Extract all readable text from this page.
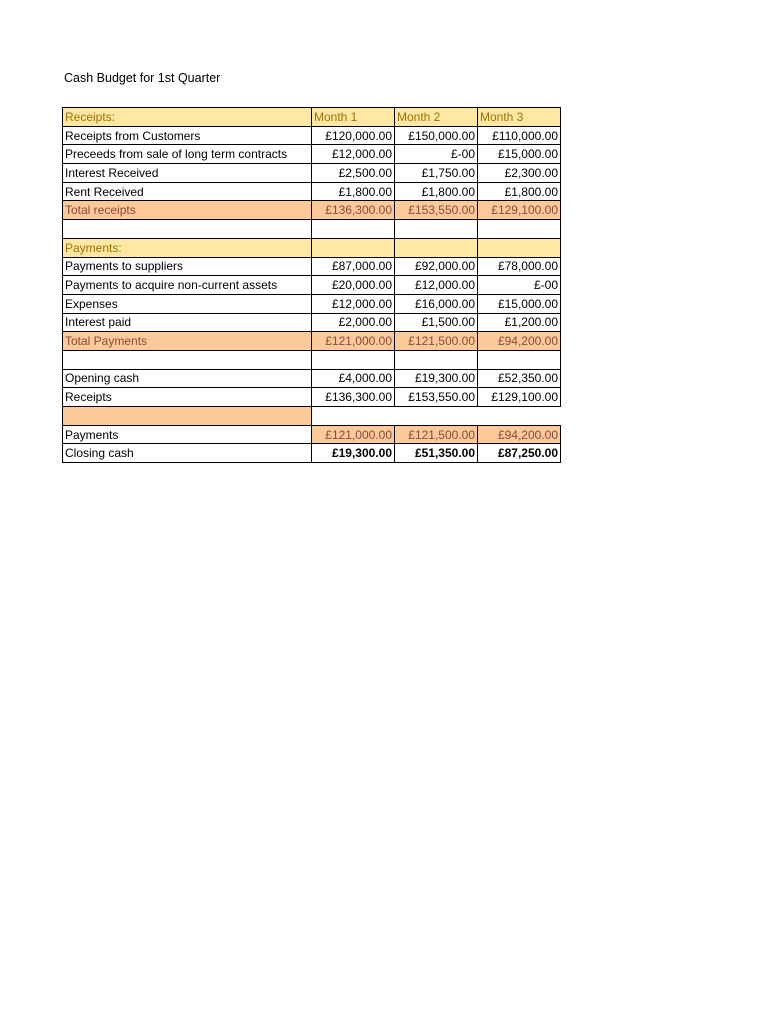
Cash Budget for 1st Quarter
Receipts:	Month 1	Month 2	Month 3
Receipts from Customers	£120,000.00	£150,000.00	£110,000.00
Preceeds from sale of long term contracts	£12,000.00	£-00	£15,000.00
Interest Received	£2,500.00	£1,750.00	£2,300.00
Rent Received	£1,800.00	£1,800.00	£1,800.00
Total receipts	£136,300.00	£153,550.00	£129,100.00

Payments:			
Payments to suppliers	£87,000.00	£92,000.00	£78,000.00
Payments to acquire non-current assets	£20,000.00	£12,000.00	£-00
Expenses	£12,000.00	£16,000.00	£15,000.00
Interest paid	£2,000.00	£1,500.00	£1,200.00
Total Payments	£121,000.00	£121,500.00	£94,200.00

Opening cash	£4,000.00	£19,300.00	£52,350.00
Receipts	£136,300.00	£153,550.00	£129,100.00

Payments	£121,000.00	£121,500.00	£94,200.00
Closing cash	£19,300.00	£51,350.00	£87,250.00
